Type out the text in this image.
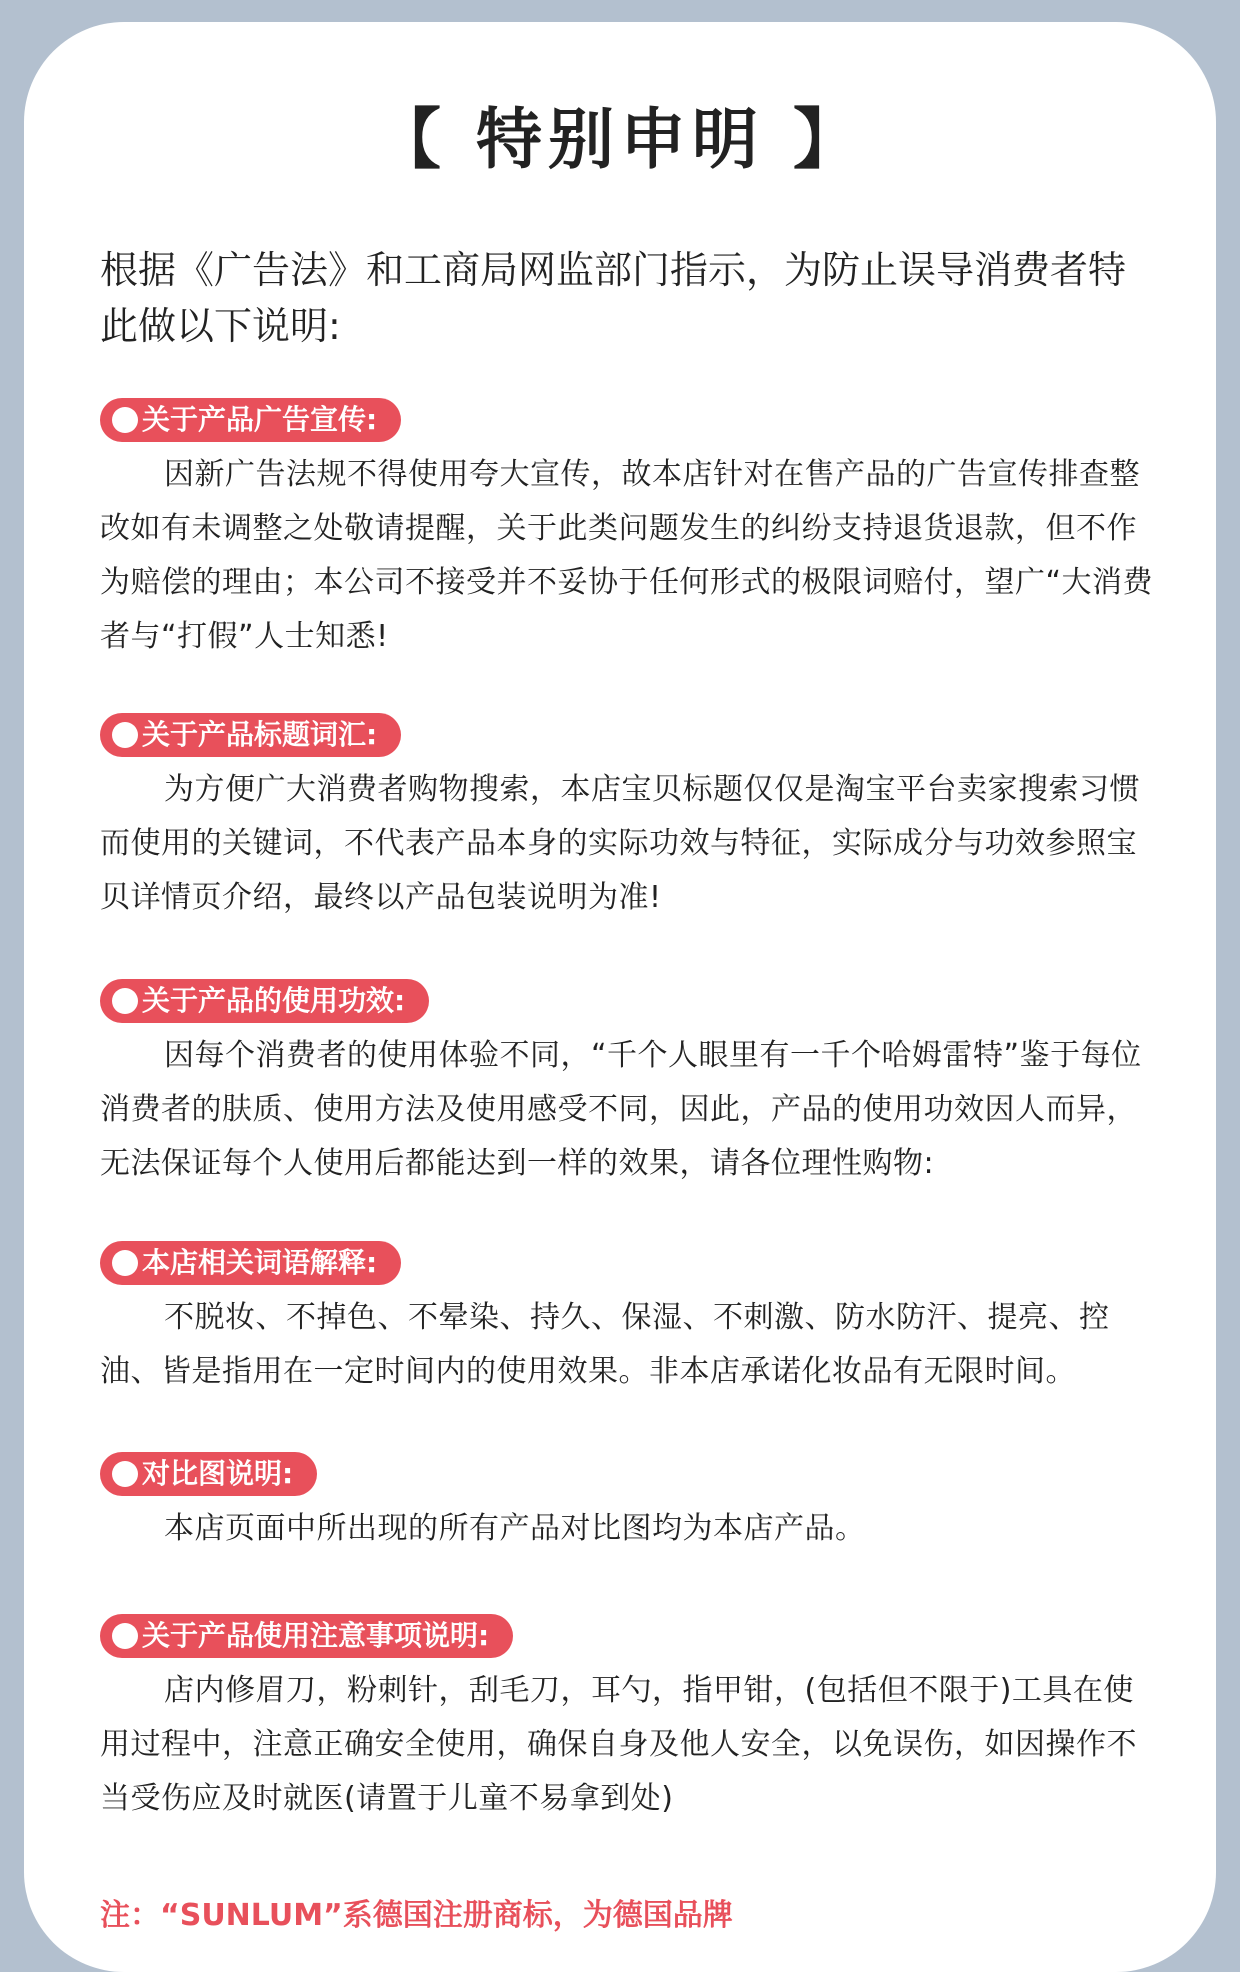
【 特别申明 】
根据《广告法》和工商局网监部门指示，为防止误导消费者特此做以下说明:
关于产品广告宣传:
因新广告法规不得使用夸大宣传，故本店针对在售产品的广告宣传排查整改如有未调整之处敬请提醒，关于此类问题发生的纠纷支持退货退款，但不作为赔偿的理由；本公司不接受并不妥协于任何形式的极限词赔付，望广“大消费者与“打假”人士知悉!
关于产品标题词汇:
为方便广大消费者购物搜索，本店宝贝标题仅仅是淘宝平台卖家搜索习惯而使用的关键词，不代表产品本身的实际功效与特征，实际成分与功效参照宝贝详情页介绍，最终以产品包装说明为准!
关于产品的使用功效:
因每个消费者的使用体验不同，“千个人眼里有一千个哈姆雷特”鉴于每位消费者的肤质、使用方法及使用感受不同，因此，产品的使用功效因人而异，无法保证每个人使用后都能达到一样的效果，请各位理性购物:
本店相关词语解释:
不脱妆、不掉色、不晕染、持久、保湿、不刺激、防水防汗、提亮、控油、皆是指用在一定时间内的使用效果。非本店承诺化妆品有无限时间。
对比图说明:
本店页面中所出现的所有产品对比图均为本店产品。
关于产品使用注意事项说明:
店内修眉刀，粉刺针，刮毛刀，耳勺，指甲钳，(包括但不限于)工具在使用过程中，注意正确安全使用，确保自身及他人安全，以免误伤，如因操作不当受伤应及时就医(请置于儿童不易拿到处)
注：“SUNLUM”系德国注册商标，为德国品牌
